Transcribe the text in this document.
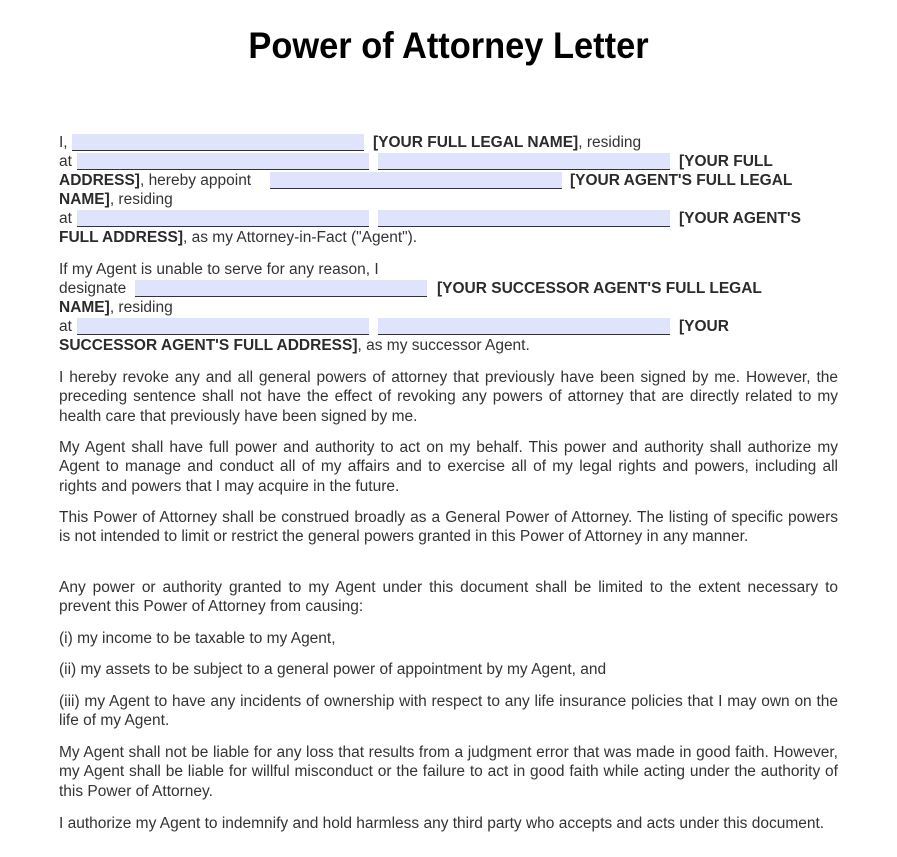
Power of Attorney Letter
I,	[YOUR FULL LEGAL NAME], residing
at	[YOUR FULL
ADDRESS], hereby appoint	[YOUR AGENT'S FULL LEGAL
NAME], residing
at	[YOUR AGENT'S
FULL ADDRESS], as my Attorney-in-Fact ("Agent").
If my Agent is unable to serve for any reason, I
designate	[YOUR SUCCESSOR AGENT'S FULL LEGAL
NAME], residing
at	[YOUR
SUCCESSOR AGENT'S FULL ADDRESS], as my successor Agent.

I hereby revoke any and all general powers of attorney that previously have been signed by me. However, the preceding sentence shall not have the effect of revoking any powers of attorney that are directly related to my health care that previously have been signed by me.

My Agent shall have full power and authority to act on my behalf. This power and authority shall authorize my Agent to manage and conduct all of my affairs and to exercise all of my legal rights and powers, including all rights and powers that I may acquire in the future.

This Power of Attorney shall be construed broadly as a General Power of Attorney. The listing of specific powers is not intended to limit or restrict the general powers granted in this Power of Attorney in any manner.

Any power or authority granted to my Agent under this document shall be limited to the extent necessary to prevent this Power of Attorney from causing:

(i) my income to be taxable to my Agent,

(ii) my assets to be subject to a general power of appointment by my Agent, and

(iii) my Agent to have any incidents of ownership with respect to any life insurance policies that I may own on the life of my Agent.

My Agent shall not be liable for any loss that results from a judgment error that was made in good faith. However, my Agent shall be liable for willful misconduct or the failure to act in good faith while acting under the authority of this Power of Attorney.

I authorize my Agent to indemnify and hold harmless any third party who accepts and acts under this document.
